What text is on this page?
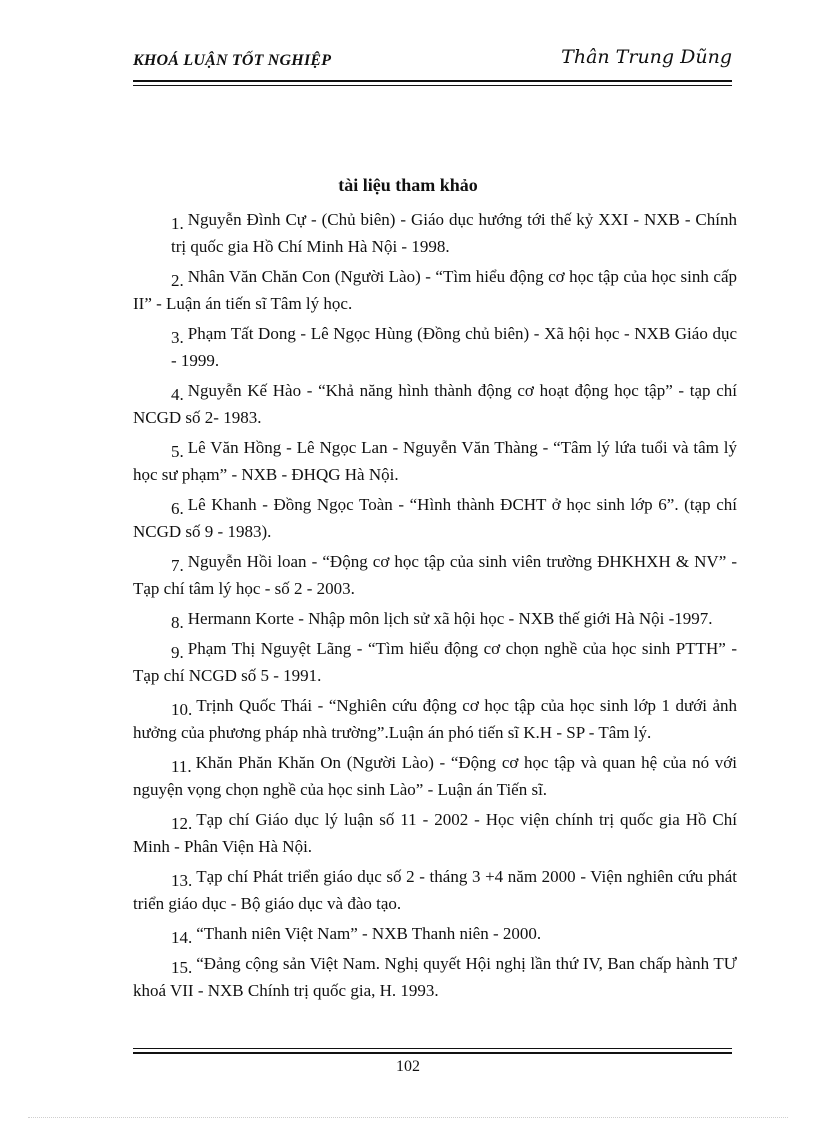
KHOÁ LUẬN TỐT NGHIỆP	Thân Trung Dũng
tài liệu tham khảo
1. Nguyễn Đình Cự - (Chủ biên) - Giáo dục hướng tới thế kỷ XXI - NXB - Chính trị quốc gia Hồ Chí Minh Hà Nội - 1998.
2. Nhân Văn Chăn Con (Người Lào) - “Tìm hiểu động cơ học tập của học sinh cấp II” - Luận án tiến sĩ Tâm lý học.
3. Phạm Tất Dong - Lê Ngọc Hùng (Đồng chủ biên) - Xã hội học - NXB Giáo dục - 1999.
4. Nguyễn Kế Hào - “Khả năng hình thành động cơ hoạt động học tập” - tạp chí NCGD số 2- 1983.
5. Lê Văn Hồng - Lê Ngọc Lan - Nguyễn Văn Thàng - “Tâm lý lứa tuổi và tâm lý học sư phạm” - NXB - ĐHQG Hà Nội.
6. Lê Khanh - Đồng Ngọc Toàn - “Hình thành ĐCHT ở học sinh lớp 6”. (tạp chí NCGD số 9 - 1983).
7. Nguyễn Hồi loan - “Động cơ học tập của sinh viên trường ĐHKHXH & NV” - Tạp chí tâm lý học - số 2 - 2003.
8. Hermann Korte - Nhập môn lịch sử xã hội học - NXB thế giới Hà Nội -1997.
9. Phạm Thị Nguyệt Lãng - “Tìm hiểu động cơ chọn nghề của học sinh PTTH” - Tạp chí NCGD số 5 - 1991.
10. Trịnh Quốc Thái - “Nghiên cứu động cơ học tập của học sinh lớp 1 dưới ảnh hưởng của phương pháp nhà trường”.Luận án phó tiến sĩ K.H - SP - Tâm lý.
11. Khăn Phăn Khăn On (Người Lào) - “Động cơ học tập và quan hệ của nó với nguyện vọng chọn nghề của học sinh Lào” - Luận án Tiến sĩ.
12. Tạp chí Giáo dục lý luận số 11 - 2002 - Học viện chính trị quốc gia Hồ Chí Minh - Phân Viện Hà Nội.
13. Tạp chí Phát triển giáo dục số 2 - tháng 3 +4 năm 2000 - Viện nghiên cứu phát triển giáo dục - Bộ giáo dục và đào tạo.
14. “Thanh niên Việt Nam” - NXB Thanh niên - 2000.
15. “Đảng cộng sản Việt Nam. Nghị quyết Hội nghị lần thứ IV, Ban chấp hành TƯ khoá VII - NXB Chính trị quốc gia, H. 1993.
102
